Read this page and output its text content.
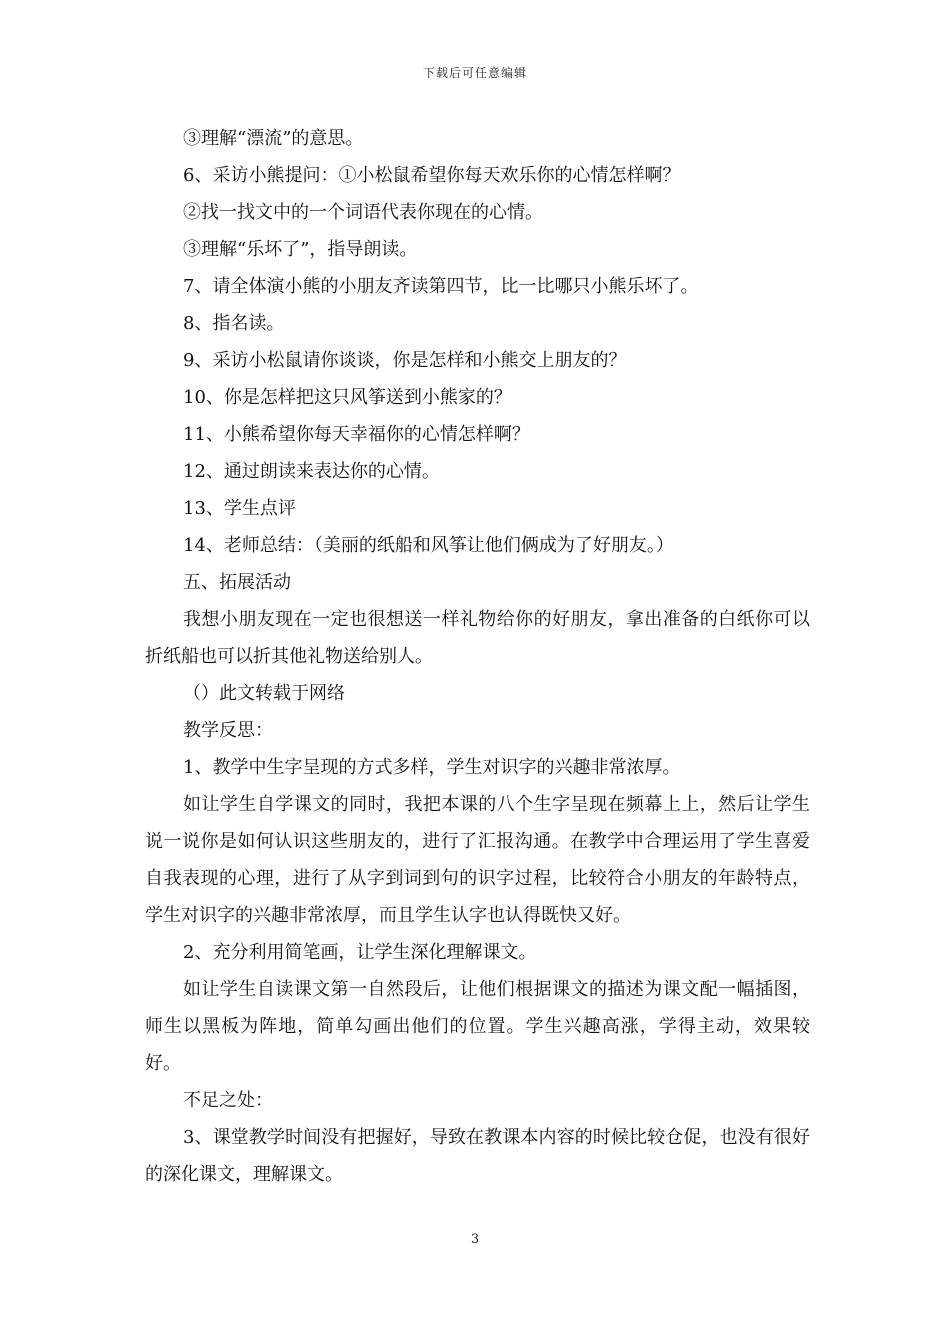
下载后可任意编辑

③理解“漂流”的意思。

6、采访小熊提问：①小松鼠希望你每天欢乐你的心情怎样啊？

②找一找文中的一个词语代表你现在的心情。

③理解“乐坏了”，指导朗读。

7、请全体演小熊的小朋友齐读第四节，比一比哪只小熊乐坏了。

8、指名读。

9、采访小松鼠请你谈谈，你是怎样和小熊交上朋友的？

10、你是怎样把这只风筝送到小熊家的？

11、小熊希望你每天幸福你的心情怎样啊？

12、通过朗读来表达你的心情。

13、学生点评

14、老师总结：（美丽的纸船和风筝让他们俩成为了好朋友。）

五、拓展活动

我想小朋友现在一定也很想送一样礼物给你的好朋友，拿出准备的白纸你可以折纸船也可以折其他礼物送给别人。

（）此文转载于网络

教学反思：

1、教学中生字呈现的方式多样，学生对识字的兴趣非常浓厚。

如让学生自学课文的同时，我把本课的八个生字呈现在频幕上上，然后让学生说一说你是如何认识这些朋友的，进行了汇报沟通。在教学中合理运用了学生喜爱自我表现的心理，进行了从字到词到句的识字过程，比较符合小朋友的年龄特点，学生对识字的兴趣非常浓厚，而且学生认字也认得既快又好。

2、充分利用简笔画，让学生深化理解课文。

如让学生自读课文第一自然段后，让他们根据课文的描述为课文配一幅插图，师生以黑板为阵地，简单勾画出他们的位置。学生兴趣高涨，学得主动，效果较好。

不足之处：

3、课堂教学时间没有把握好，导致在教课本内容的时候比较仓促，也没有很好的深化课文，理解课文。

3
